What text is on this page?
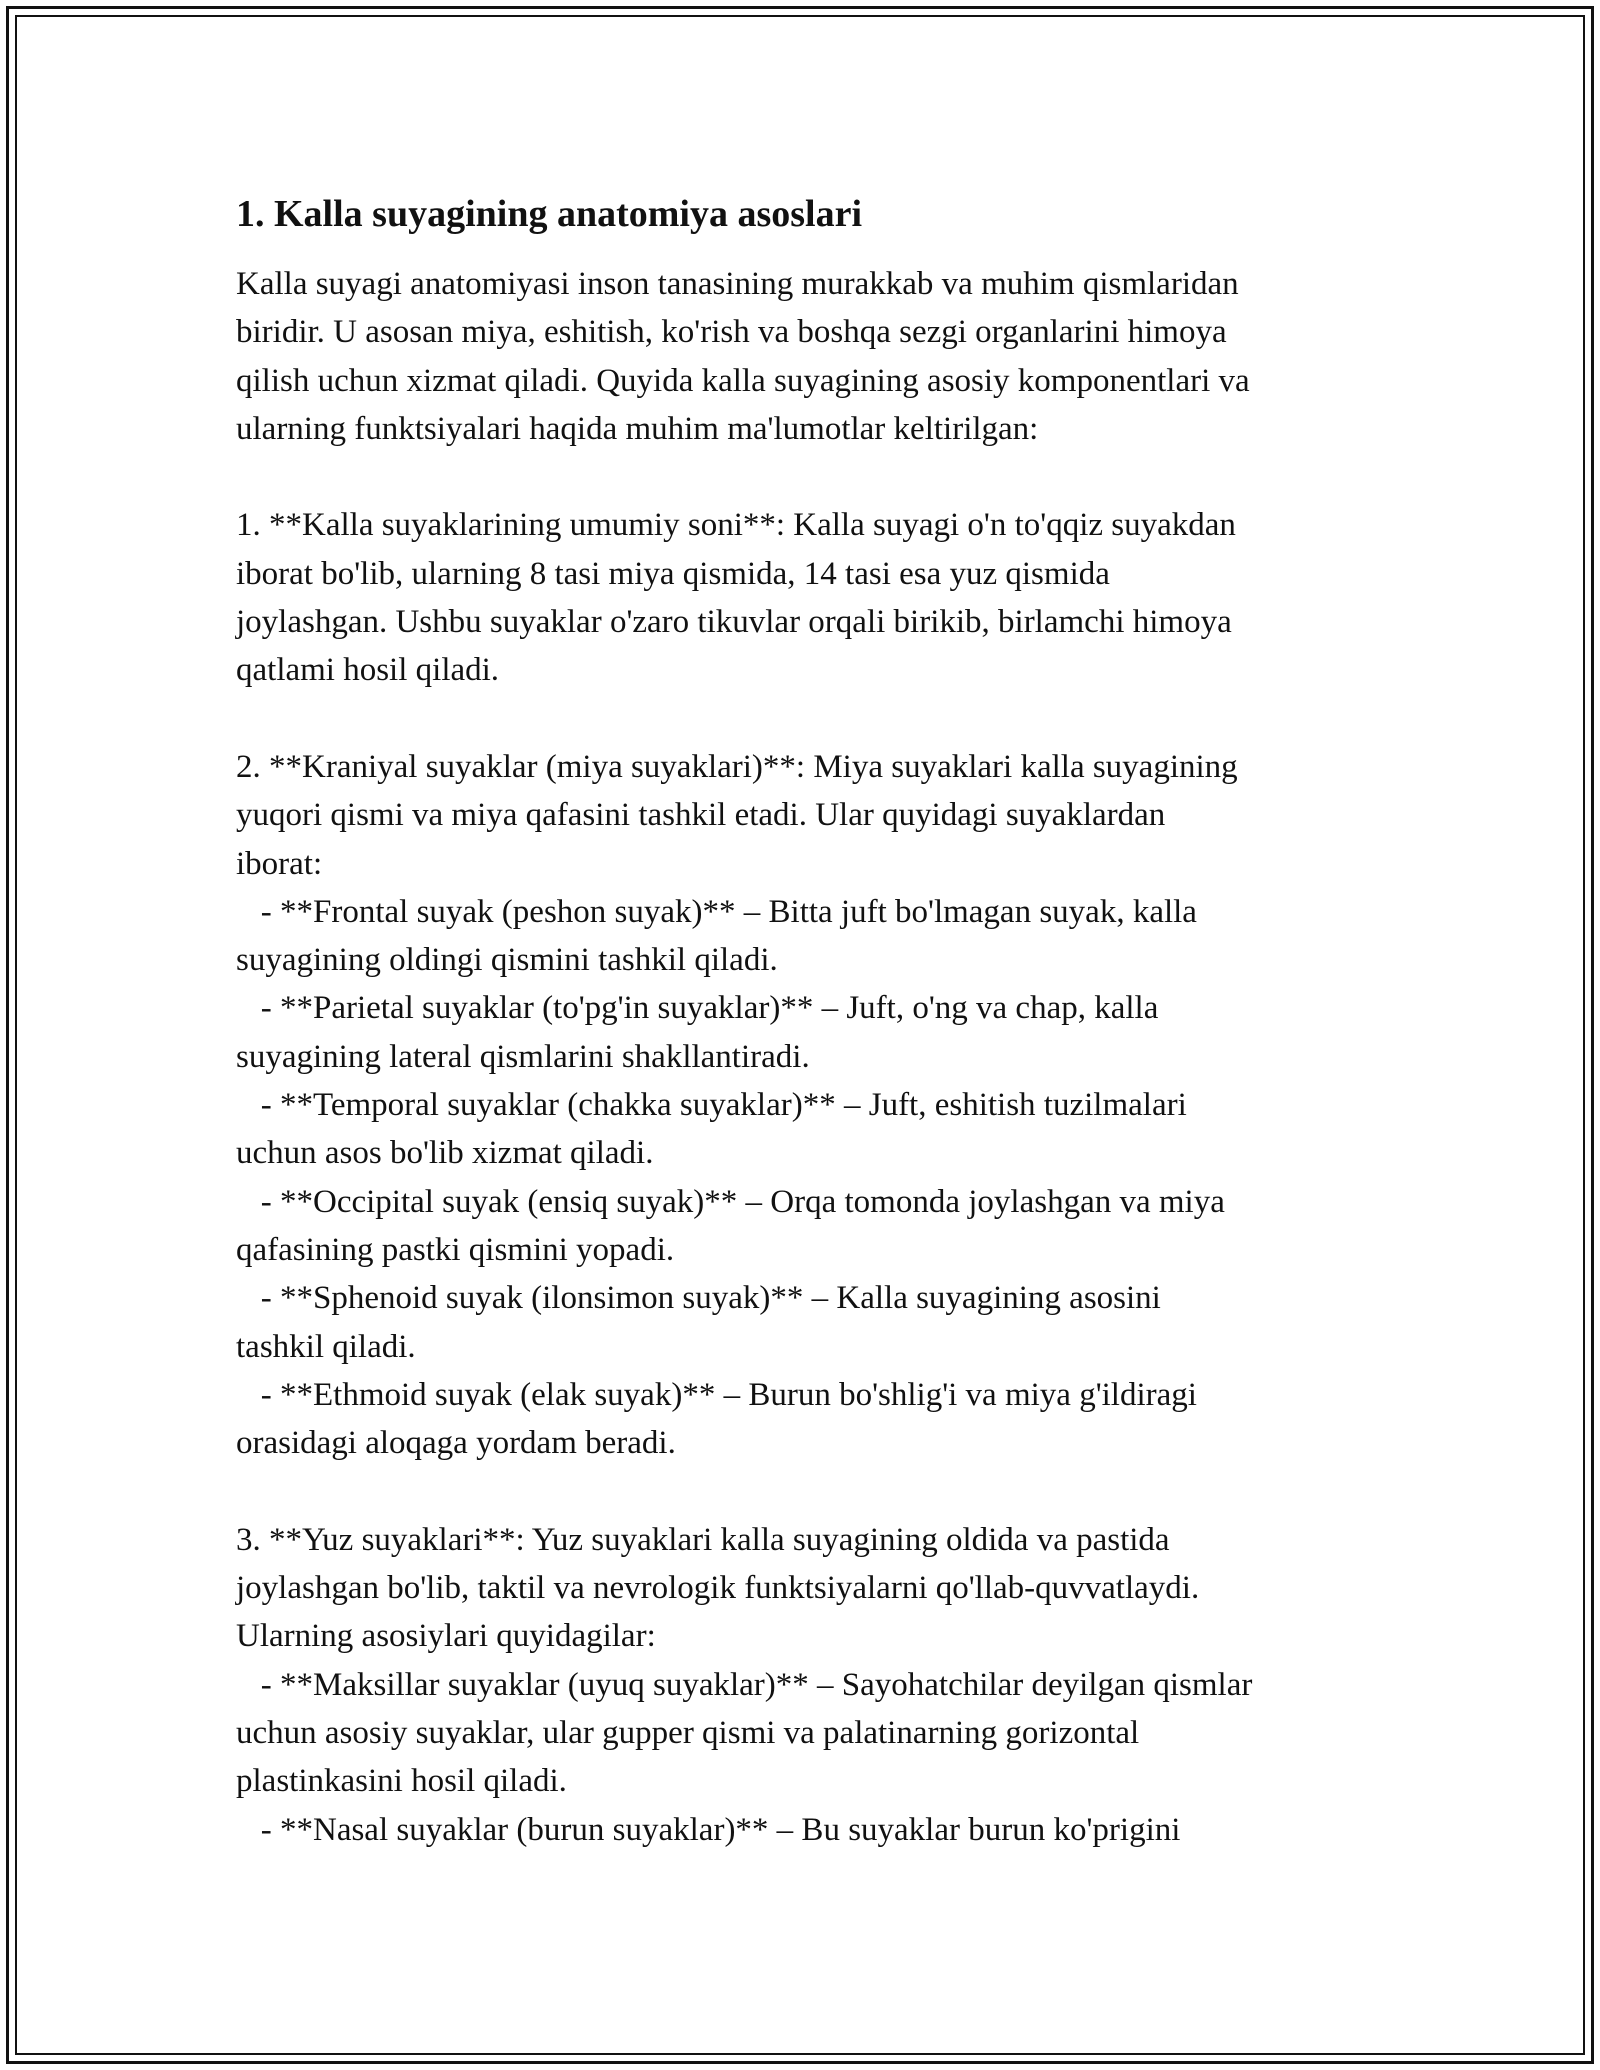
1. Kalla suyagining anatomiya asoslari

Kalla suyagi anatomiyasi inson tanasining murakkab va muhim qismlaridan
biridir. U asosan miya, eshitish, ko'rish va boshqa sezgi organlarini himoya
qilish uchun xizmat qiladi. Quyida kalla suyagining asosiy komponentlari va
ularning funktsiyalari haqida muhim ma'lumotlar keltirilgan:

1. **Kalla suyaklarining umumiy soni**: Kalla suyagi o'n to'qqiz suyakdan
iborat bo'lib, ularning 8 tasi miya qismida, 14 tasi esa yuz qismida
joylashgan. Ushbu suyaklar o'zaro tikuvlar orqali birikib, birlamchi himoya
qatlami hosil qiladi.

2. **Kraniyal suyaklar (miya suyaklari)**: Miya suyaklari kalla suyagining
yuqori qismi va miya qafasini tashkil etadi. Ular quyidagi suyaklardan
iborat:
- **Frontal suyak (peshon suyak)** – Bitta juft bo'lmagan suyak, kalla
suyagining oldingi qismini tashkil qiladi.
- **Parietal suyaklar (to'pg'in suyaklar)** – Juft, o'ng va chap, kalla
suyagining lateral qismlarini shakllantiradi.
- **Temporal suyaklar (chakka suyaklar)** – Juft, eshitish tuzilmalari
uchun asos bo'lib xizmat qiladi.
- **Occipital suyak (ensiq suyak)** – Orqa tomonda joylashgan va miya
qafasining pastki qismini yopadi.
- **Sphenoid suyak (ilonsimon suyak)** – Kalla suyagining asosini
tashkil qiladi.
- **Ethmoid suyak (elak suyak)** – Burun bo'shlig'i va miya g'ildiragi
orasidagi aloqaga yordam beradi.

3. **Yuz suyaklari**: Yuz suyaklari kalla suyagining oldida va pastida
joylashgan bo'lib, taktil va nevrologik funktsiyalarni qo'llab-quvvatlaydi.
Ularning asosiylari quyidagilar:
- **Maksillar suyaklar (uyuq suyaklar)** – Sayohatchilar deyilgan qismlar
uchun asosiy suyaklar, ular gupper qismi va palatinarning gorizontal
plastinkasini hosil qiladi.
- **Nasal suyaklar (burun suyaklar)** – Bu suyaklar burun ko'prigini
